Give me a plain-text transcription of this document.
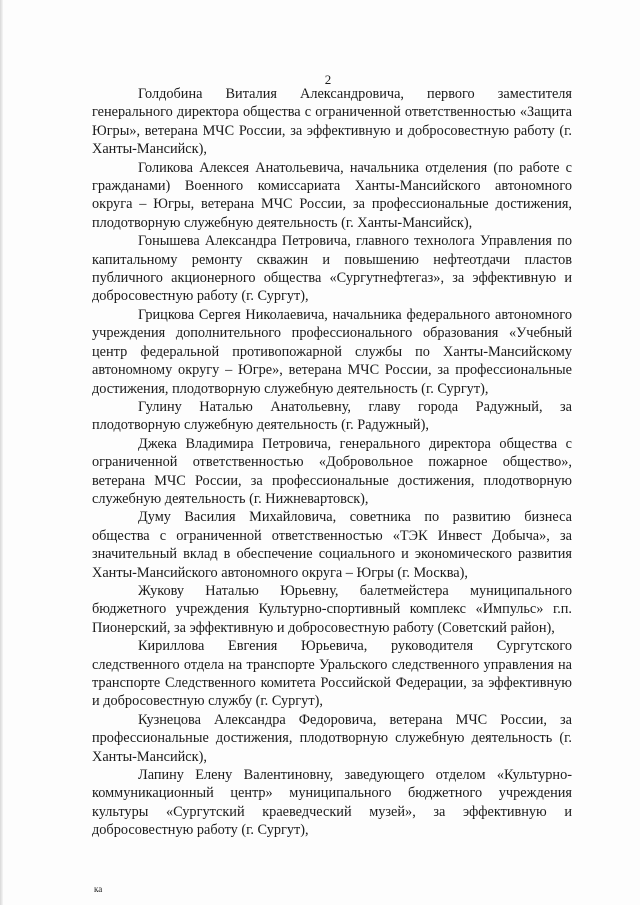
2

Голдобина Виталия Александровича, первого заместителя генерального директора общества с ограниченной ответственностью «Защита Югры», ветерана МЧС России, за эффективную и добросовестную работу (г. Ханты-Мансийск),

Голикова Алексея Анатольевича, начальника отделения (по работе с гражданами) Военного комиссариата Ханты-Мансийского автономного округа – Югры, ветерана МЧС России, за профессиональные достижения, плодотворную служебную деятельность (г. Ханты-Мансийск),

Гонышева Александра Петровича, главного технолога Управления по капитальному ремонту скважин и повышению нефтеотдачи пластов публичного акционерного общества «Сургутнефтегаз», за эффективную и добросовестную работу (г. Сургут),

Грицкова Сергея Николаевича, начальника федерального автономного учреждения дополнительного профессионального образования «Учебный центр федеральной противопожарной службы по Ханты-Мансийскому автономному округу – Югре», ветерана МЧС России, за профессиональные достижения, плодотворную служебную деятельность (г. Сургут),

Гулину Наталью Анатольевну, главу города Радужный, за плодотворную служебную деятельность (г. Радужный),

Джека Владимира Петровича, генерального директора общества с ограниченной ответственностью «Добровольное пожарное общество», ветерана МЧС России, за профессиональные достижения, плодотворную служебную деятельность (г. Нижневартовск),

Думу Василия Михайловича, советника по развитию бизнеса общества с ограниченной ответственностью «ТЭК Инвест Добыча», за значительный вклад в обеспечение социального и экономического развития Ханты-Мансийского автономного округа – Югры (г. Москва),

Жукову Наталью Юрьевну, балетмейстера муниципального бюджетного учреждения Культурно-спортивный комплекс «Импульс» г.п. Пионерский, за эффективную и добросовестную работу (Советский район),

Кириллова Евгения Юрьевича, руководителя Сургутского следственного отдела на транспорте Уральского следственного управления на транспорте Следственного комитета Российской Федерации, за эффективную и добросовестную службу (г. Сургут),

Кузнецова Александра Федоровича, ветерана МЧС России, за профессиональные достижения, плодотворную служебную деятельность (г. Ханты-Мансийск),

Лапину Елену Валентиновну, заведующего отделом «Культурно-коммуникационный центр» муниципального бюджетного учреждения культуры «Сургутский краеведческий музей», за эффективную и добросовестную работу (г. Сургут),

ка
